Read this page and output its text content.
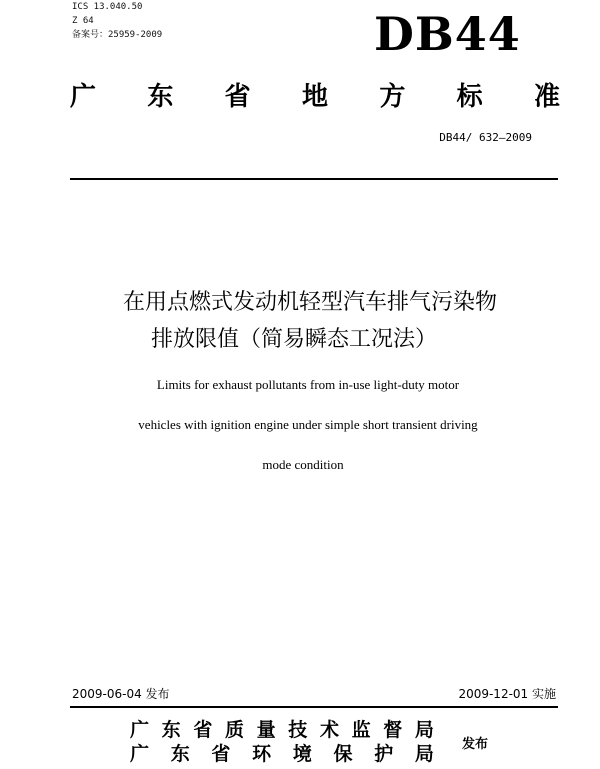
ICS 13.040.50
Z 64
备案号：25959-2009	DB44
广 东 省 地 方 标 准
DB44/ 632—2009
在用点燃式发动机轻型汽车排气污染物
排放限值（简易瞬态工况法）
Limits for exhaust pollutants from in-use light-duty motor
vehicles with ignition engine under simple short transient driving
mode condition
2009-06-04 发布	2009-12-01 实施
广 东 省 质 量 技 术 监 督 局
广 东 省 环 境 保 护 局 发布
